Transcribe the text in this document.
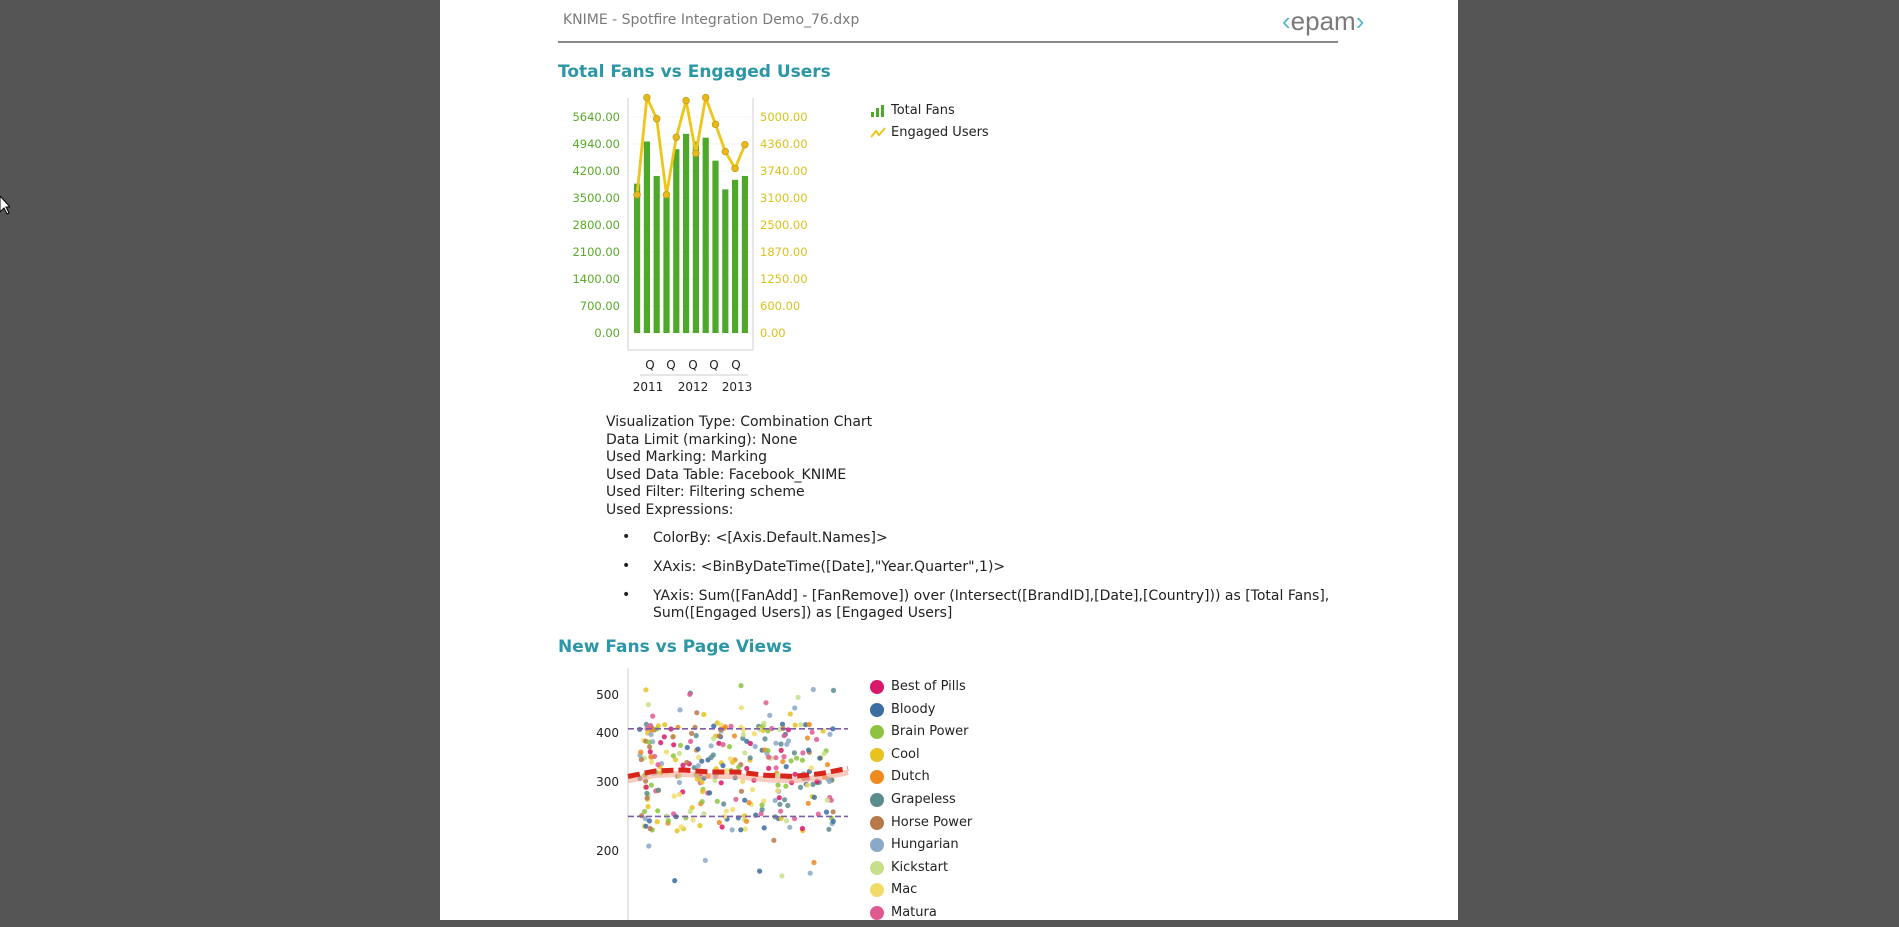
KNIME - Spotfire Integration Demo_76.dxp	‹epam›
Total Fans vs Engaged Users
0.00
700.00
1400.00
2100.00
2800.00
3500.00
4200.00
4940.00
5640.00
0.00
600.00
1250.00
1870.00
2500.00
3100.00
3740.00
4360.00
5000.00
Q Q Q Q Q
2011 2012 2013
Total Fans
Engaged Users
Visualization Type: Combination Chart
Data Limit (marking): None
Used Marking: Marking
Used Data Table: Facebook_KNIME
Used Filter: Filtering scheme
Used Expressions:
• ColorBy: <[Axis.Default.Names]>
• XAxis: <BinByDateTime([Date],"Year.Quarter",1)>
• YAxis: Sum([FanAdd] - [FanRemove]) over (Intersect([BrandID],[Date],[Country])) as [Total Fans], Sum([Engaged Users]) as [Engaged Users]
New Fans vs Page Views
200
300
400
500
Best of Pills
Bloody
Brain Power
Cool
Dutch
Grapeless
Horse Power
Hungarian
Kickstart
Mac
Matura
